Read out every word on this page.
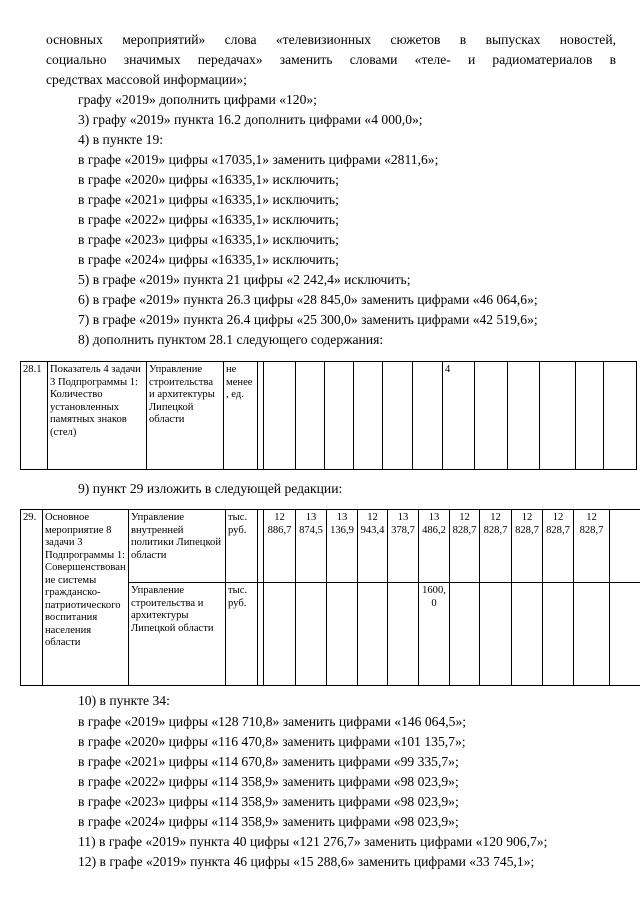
основных мероприятий» слова «телевизионных сюжетов в выпусках новостей,
социально значимых передачах» заменить словами «теле- и радиоматериалов в
средствах массовой информации»;
графу «2019» дополнить цифрами «120»;
3) графу «2019» пункта 16.2 дополнить цифрами «4 000,0»;
4) в пункте 19:
в графе «2019» цифры «17035,1» заменить цифрами «2811,6»;
в графе «2020» цифры «16335,1» исключить;
в графе «2021» цифры «16335,1» исключить;
в графе «2022» цифры «16335,1» исключить;
в графе «2023» цифры «16335,1» исключить;
в графе «2024» цифры «16335,1» исключить;
5) в графе «2019» пункта 21 цифры «2 242,4» исключить;
6) в графе «2019» пункта 26.3 цифры «28 845,0» заменить цифрами «46 064,6»;
7) в графе «2019» пункта 26.4 цифры «25 300,0» заменить цифрами «42 519,6»;
8) дополнить пунктом 28.1 следующего содержания:
28.1	Показатель 4 задачи 3 Подпрограммы 1: Количество установленных памятных знаков (стел)	Управление строительства и архитектуры Липецкой области	не менее, ед.								4					
9) пункт 29 изложить в следующей редакции:
29.	Основное мероприятие 8 задачи 3 Подпрограммы 1: Совершенствование системы гражданско-патриотического воспитания населения области	Управление внутренней политики Липецкой области	тыс. руб.		12 886,7	13 874,5	13 136,9	12 943,4	13 378,7	13 486,2	12 828,7	12 828,7	12 828,7	12 828,7	12 828,7	
		Управление строительства и архитектуры Липецкой области	тыс. руб.							1600, 0						
10) в пункте 34:
в графе «2019» цифры «128 710,8» заменить цифрами «146 064,5»;
в графе «2020» цифры «116 470,8» заменить цифрами «101 135,7»;
в графе «2021» цифры «114 670,8» заменить цифрами «99 335,7»;
в графе «2022» цифры «114 358,9» заменить цифрами «98 023,9»;
в графе «2023» цифры «114 358,9» заменить цифрами «98 023,9»;
в графе «2024» цифры «114 358,9» заменить цифрами «98 023,9»;
11) в графе «2019» пункта 40 цифры «121 276,7» заменить цифрами «120 906,7»;
12) в графе «2019» пункта 46 цифры «15 288,6» заменить цифрами «33 745,1»;
